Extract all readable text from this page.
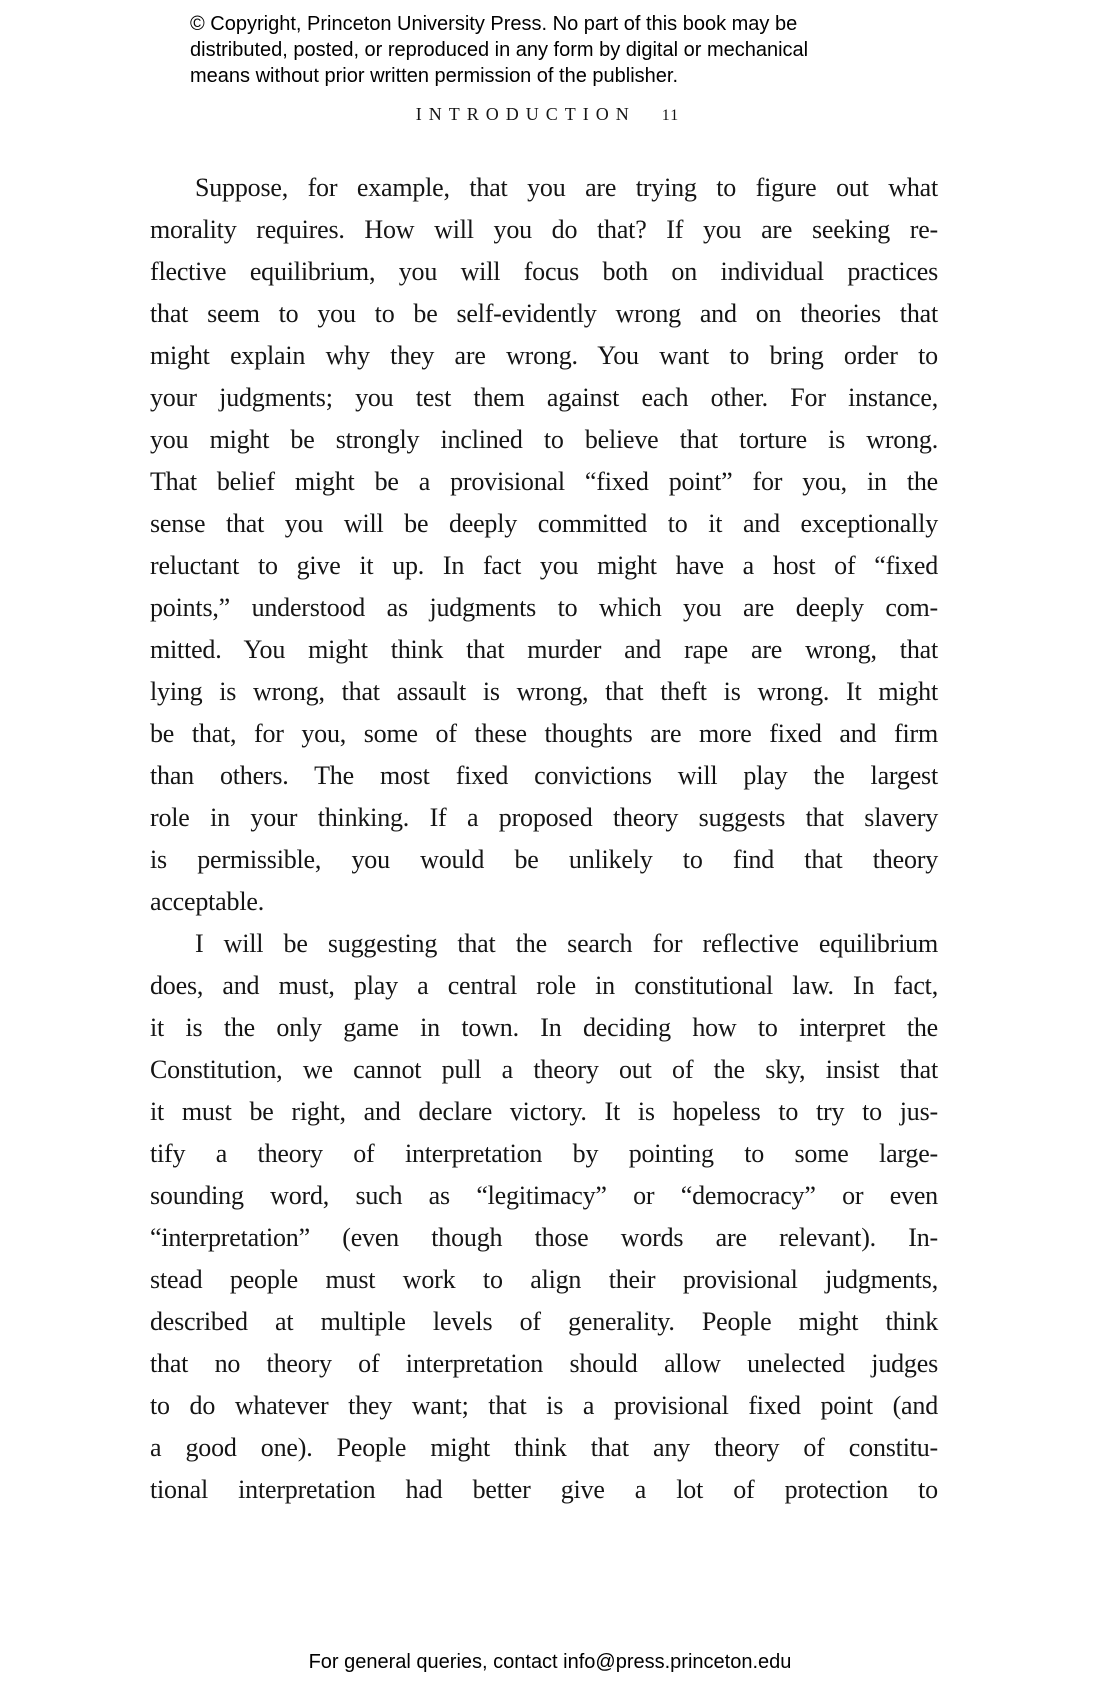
© Copyright, Princeton University Press. No part of this book may be
distributed, posted, or reproduced in any form by digital or mechanical
means without prior written permission of the publisher.
INTRODUCTION 11
Suppose, for example, that you are trying to figure out what
morality requires. How will you do that? If you are seeking re-
flective equilibrium, you will focus both on individual practices
that seem to you to be self-evidently wrong and on theories that
might explain why they are wrong. You want to bring order to
your judgments; you test them against each other. For instance,
you might be strongly inclined to believe that torture is wrong.
That belief might be a provisional “fixed point” for you, in the
sense that you will be deeply committed to it and exceptionally
reluctant to give it up. In fact you might have a host of “fixed
points,” understood as judgments to which you are deeply com-
mitted. You might think that murder and rape are wrong, that
lying is wrong, that assault is wrong, that theft is wrong. It might
be that, for you, some of these thoughts are more fixed and firm
than others. The most fixed convictions will play the largest
role in your thinking. If a proposed theory suggests that slavery
is permissible, you would be unlikely to find that theory
acceptable.
I will be suggesting that the search for reflective equilibrium
does, and must, play a central role in constitutional law. In fact,
it is the only game in town. In deciding how to interpret the
Constitution, we cannot pull a theory out of the sky, insist that
it must be right, and declare victory. It is hopeless to try to jus-
tify a theory of interpretation by pointing to some large-
sounding word, such as “legitimacy” or “democracy” or even
“interpretation” (even though those words are relevant). In-
stead people must work to align their provisional judgments,
described at multiple levels of generality. People might think
that no theory of interpretation should allow unelected judges
to do whatever they want; that is a provisional fixed point (and
a good one). People might think that any theory of constitu-
tional interpretation had better give a lot of protection to
For general queries, contact info@press.princeton.edu
